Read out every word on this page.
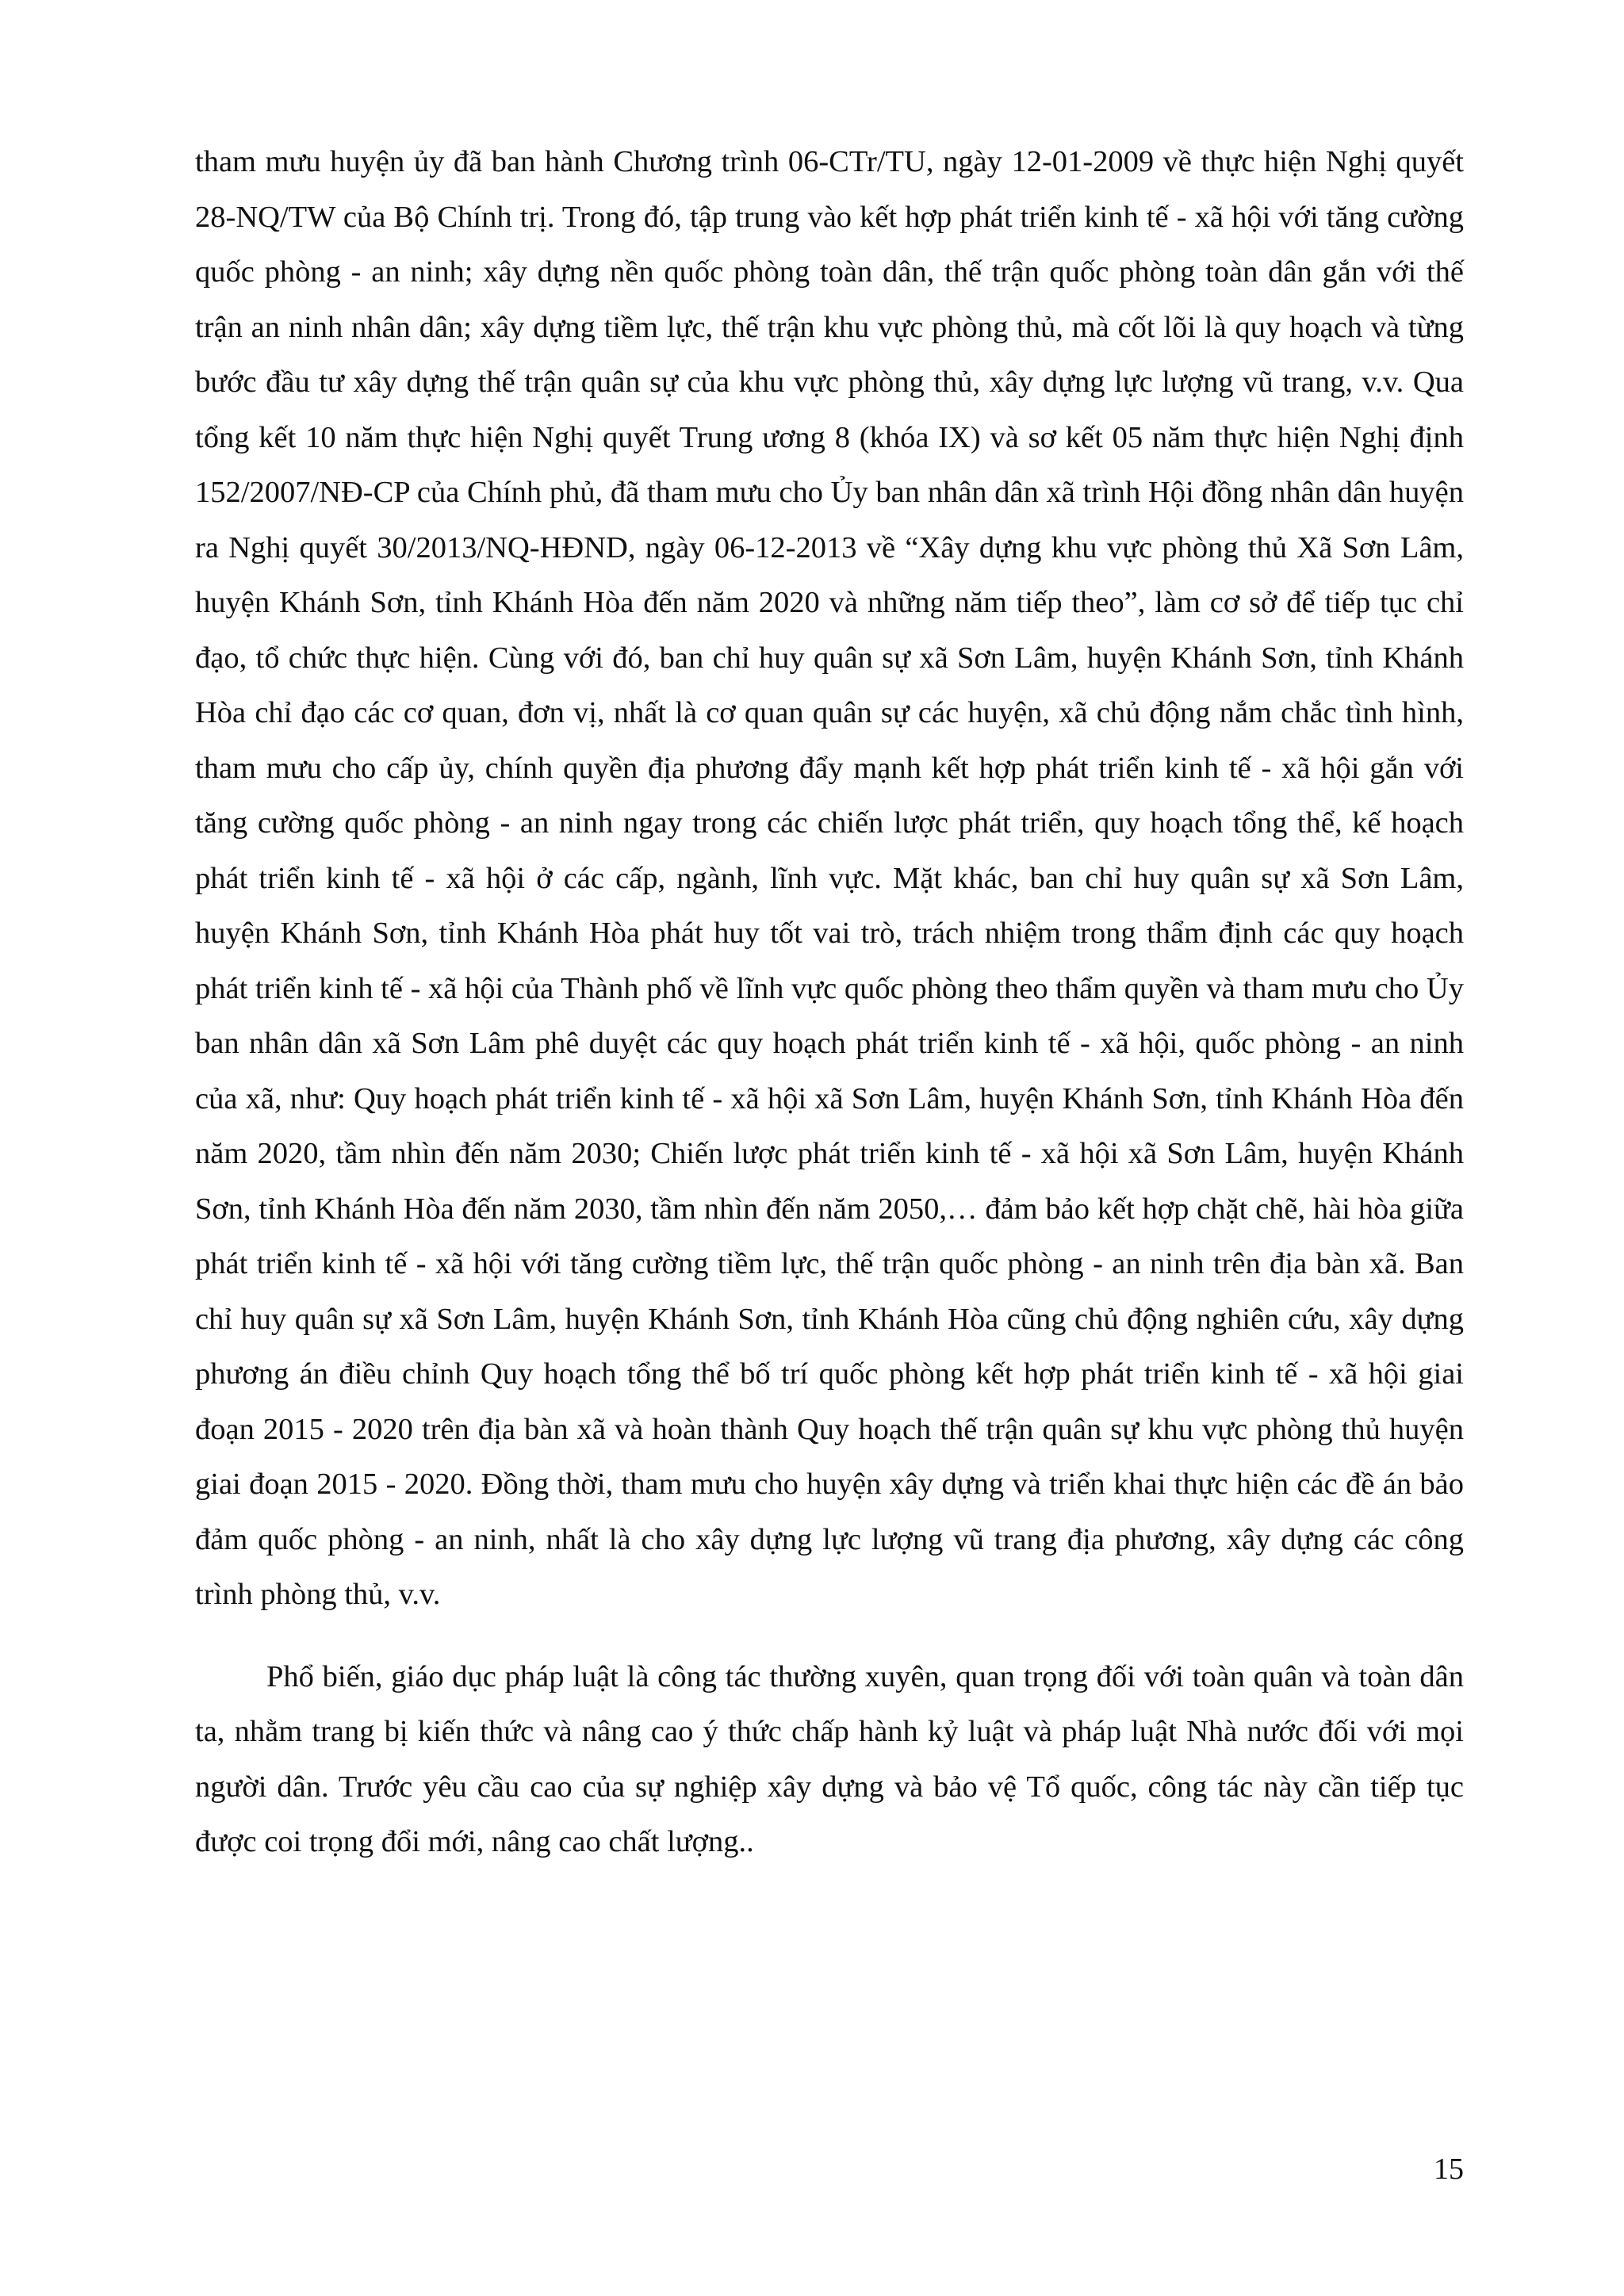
tham mưu huyện ủy đã ban hành Chương trình 06-CTr/TU, ngày 12-01-2009 về thực hiện Nghị quyết 28-NQ/TW của Bộ Chính trị. Trong đó, tập trung vào kết hợp phát triển kinh tế - xã hội với tăng cường quốc phòng - an ninh; xây dựng nền quốc phòng toàn dân, thế trận quốc phòng toàn dân gắn với thế trận an ninh nhân dân; xây dựng tiềm lực, thế trận khu vực phòng thủ, mà cốt lõi là quy hoạch và từng bước đầu tư xây dựng thế trận quân sự của khu vực phòng thủ, xây dựng lực lượng vũ trang, v.v. Qua tổng kết 10 năm thực hiện Nghị quyết Trung ương 8 (khóa IX) và sơ kết 05 năm thực hiện Nghị định 152/2007/NĐ-CP của Chính phủ, đã tham mưu cho Ủy ban nhân dân xã trình Hội đồng nhân dân huyện ra Nghị quyết 30/2013/NQ-HĐND, ngày 06-12-2013 về “Xây dựng khu vực phòng thủ Xã Sơn Lâm, huyện Khánh Sơn, tỉnh Khánh Hòa đến năm 2020 và những năm tiếp theo”, làm cơ sở để tiếp tục chỉ đạo, tổ chức thực hiện. Cùng với đó, ban chỉ huy quân sự xã Sơn Lâm, huyện Khánh Sơn, tỉnh Khánh Hòa chỉ đạo các cơ quan, đơn vị, nhất là cơ quan quân sự các huyện, xã chủ động nắm chắc tình hình, tham mưu cho cấp ủy, chính quyền địa phương đẩy mạnh kết hợp phát triển kinh tế - xã hội gắn với tăng cường quốc phòng - an ninh ngay trong các chiến lược phát triển, quy hoạch tổng thể, kế hoạch phát triển kinh tế - xã hội ở các cấp, ngành, lĩnh vực. Mặt khác, ban chỉ huy quân sự xã Sơn Lâm, huyện Khánh Sơn, tỉnh Khánh Hòa phát huy tốt vai trò, trách nhiệm trong thẩm định các quy hoạch phát triển kinh tế - xã hội của Thành phố về lĩnh vực quốc phòng theo thẩm quyền và tham mưu cho Ủy ban nhân dân xã Sơn Lâm phê duyệt các quy hoạch phát triển kinh tế - xã hội, quốc phòng - an ninh của xã, như: Quy hoạch phát triển kinh tế - xã hội xã Sơn Lâm, huyện Khánh Sơn, tỉnh Khánh Hòa đến năm 2020, tầm nhìn đến năm 2030; Chiến lược phát triển kinh tế - xã hội xã Sơn Lâm, huyện Khánh Sơn, tỉnh Khánh Hòa đến năm 2030, tầm nhìn đến năm 2050,… đảm bảo kết hợp chặt chẽ, hài hòa giữa phát triển kinh tế - xã hội với tăng cường tiềm lực, thế trận quốc phòng - an ninh trên địa bàn xã. Ban chỉ huy quân sự xã Sơn Lâm, huyện Khánh Sơn, tỉnh Khánh Hòa cũng chủ động nghiên cứu, xây dựng phương án điều chỉnh Quy hoạch tổng thể bố trí quốc phòng kết hợp phát triển kinh tế - xã hội giai đoạn 2015 - 2020 trên địa bàn xã và hoàn thành Quy hoạch thế trận quân sự khu vực phòng thủ huyện giai đoạn 2015 - 2020. Đồng thời, tham mưu cho huyện xây dựng và triển khai thực hiện các đề án bảo đảm quốc phòng - an ninh, nhất là cho xây dựng lực lượng vũ trang địa phương, xây dựng các công trình phòng thủ, v.v.

Phổ biến, giáo dục pháp luật là công tác thường xuyên, quan trọng đối với toàn quân và toàn dân ta, nhằm trang bị kiến thức và nâng cao ý thức chấp hành kỷ luật và pháp luật Nhà nước đối với mọi người dân. Trước yêu cầu cao của sự nghiệp xây dựng và bảo vệ Tổ quốc, công tác này cần tiếp tục được coi trọng đổi mới, nâng cao chất lượng..

15
